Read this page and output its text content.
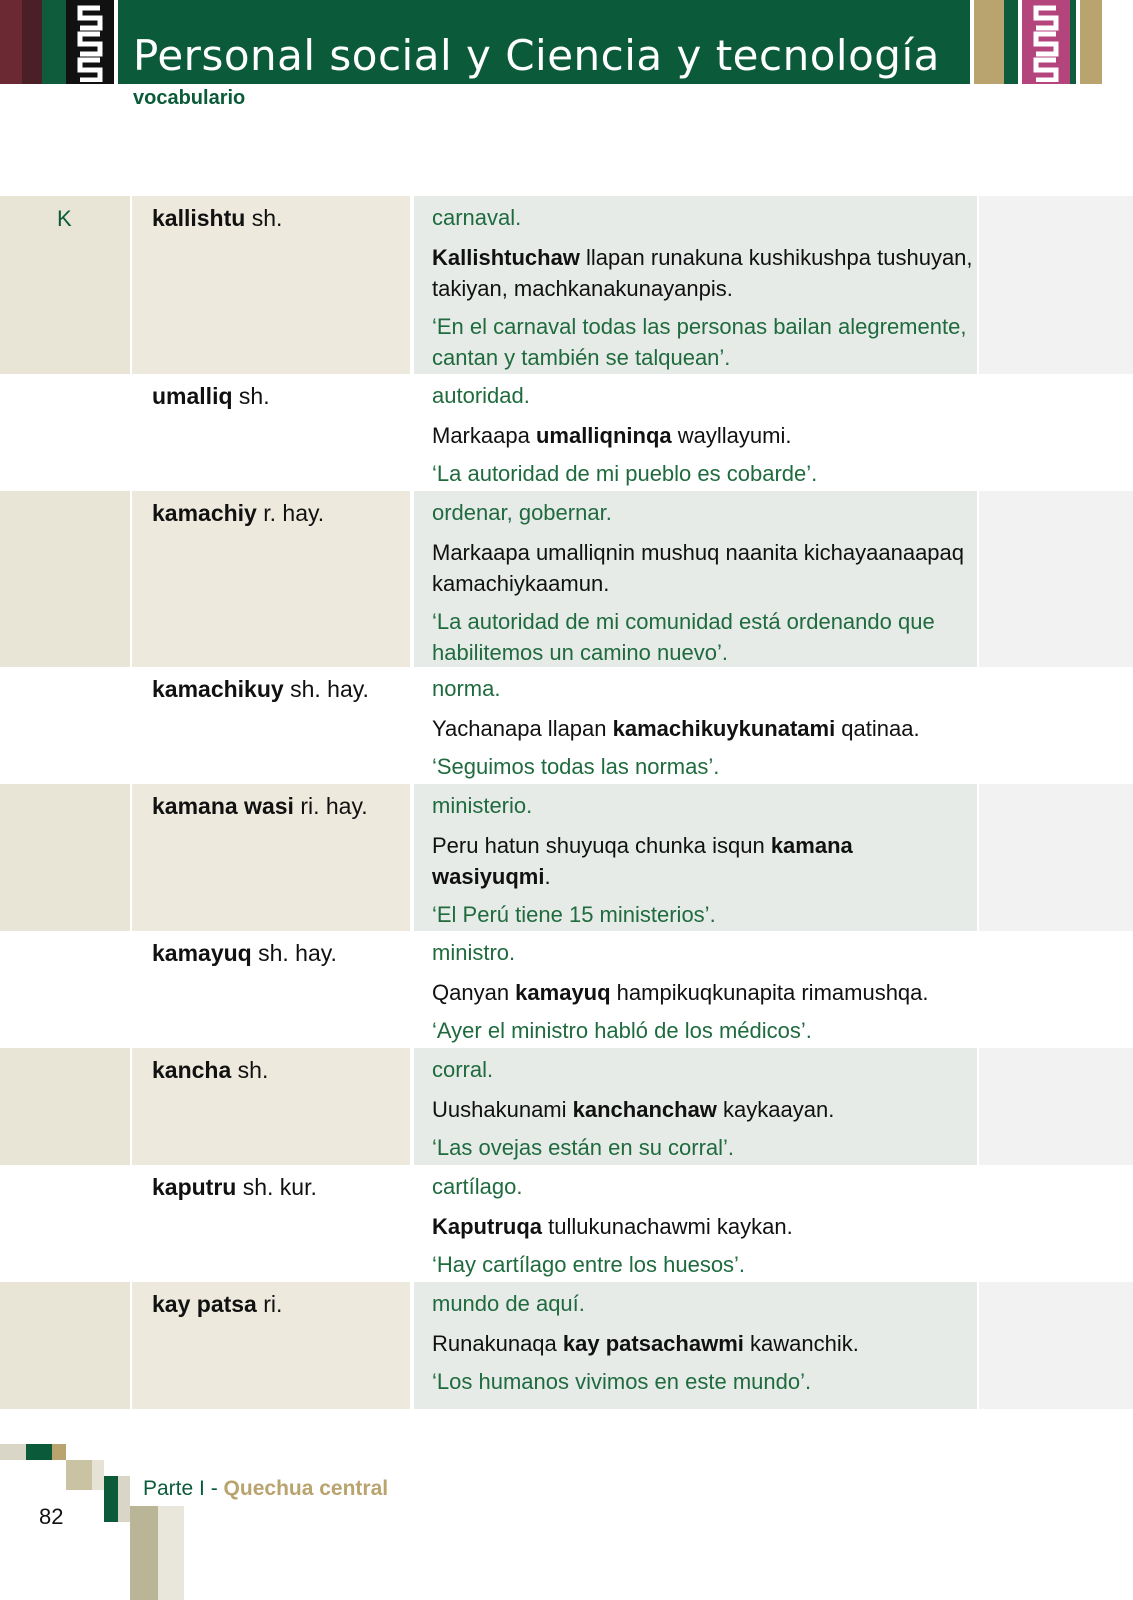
Personal social y Ciencia y tecnología
vocabulario
K	kallishtu sh.	carnaval.
Kallishtuchaw llapan runakuna kushikushpa tushuyan, takiyan, machkanakunayanpis.
‘En el carnaval todas las personas bailan alegremente, cantan y también se talquean’.
umalliq sh.	autoridad.
Markaapa umalliqninqa wayllayumi.
‘La autoridad de mi pueblo es cobarde’.
kamachiy r. hay.	ordenar, gobernar.
Markaapa umalliqnin mushuq naanita kichayaanaapaq kamachiykaamun.
‘La autoridad de mi comunidad está ordenando que habilitemos un camino nuevo’.
kamachikuy sh. hay.	norma.
Yachanapa llapan kamachikuykunatami qatinaa.
‘Seguimos todas las normas’.
kamana wasi ri. hay.	ministerio.
Peru hatun shuyuqa chunka isqun kamana wasiyuqmi.
‘El Perú tiene 15 ministerios’.
kamayuq sh. hay.	ministro.
Qanyan kamayuq hampikuqkunapita rimamushqa.
‘Ayer el ministro habló de los médicos’.
kancha sh.	corral.
Uushakunami kanchanchaw kaykaayan.
‘Las ovejas están en su corral’.
kaputru sh. kur.	cartílago.
Kaputruqa tullukunachawmi kaykan.
‘Hay cartílago entre los huesos’.
kay patsa ri.	mundo de aquí.
Runakunaqa kay patsachawmi kawanchik.
‘Los humanos vivimos en este mundo’.
82
Parte I - Quechua central
